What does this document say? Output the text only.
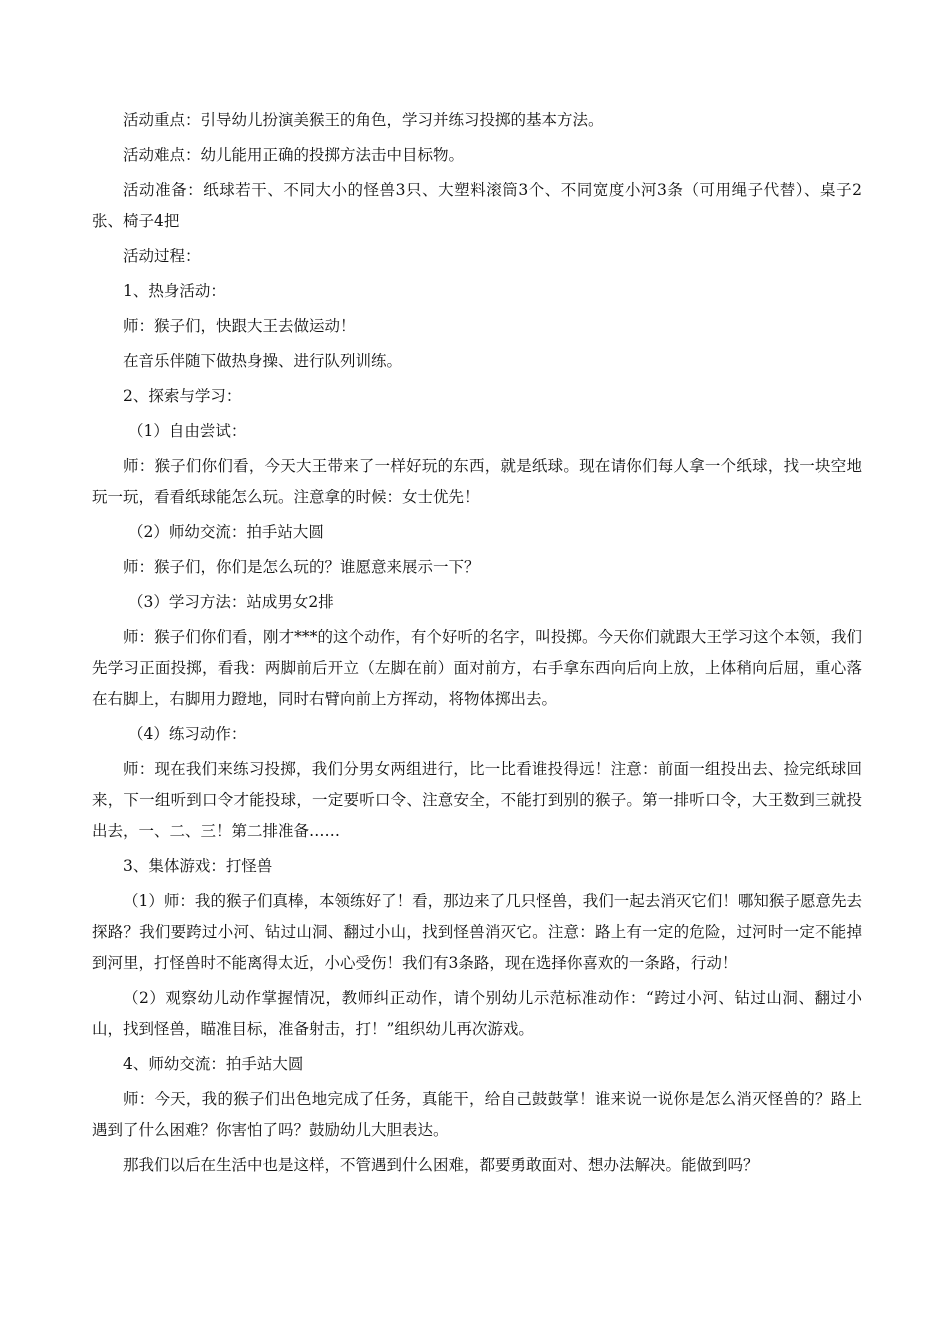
活动重点：引导幼儿扮演美猴王的角色，学习并练习投掷的基本方法。

活动难点：幼儿能用正确的投掷方法击中目标物。

活动准备：纸球若干、不同大小的怪兽3只、大塑料滚筒3个、不同宽度小河3条（可用绳子代替）、桌子2张、椅子4把

活动过程：

1、热身活动：

师：猴子们，快跟大王去做运动！

在音乐伴随下做热身操、进行队列训练。

2、探索与学习：

（1）自由尝试：

师：猴子们你们看，今天大王带来了一样好玩的东西，就是纸球。现在请你们每人拿一个纸球，找一块空地玩一玩，看看纸球能怎么玩。注意拿的时候：女士优先！

（2）师幼交流：拍手站大圆

师：猴子们，你们是怎么玩的？谁愿意来展示一下？

（3）学习方法：站成男女2排

师：猴子们你们看，刚才***的这个动作，有个好听的名字，叫投掷。今天你们就跟大王学习这个本领，我们先学习正面投掷，看我：两脚前后开立（左脚在前）面对前方，右手拿东西向后向上放，上体稍向后屈，重心落在右脚上，右脚用力蹬地，同时右臂向前上方挥动，将物体掷出去。

（4）练习动作：

师：现在我们来练习投掷，我们分男女两组进行，比一比看谁投得远！注意：前面一组投出去、捡完纸球回来，下一组听到口令才能投球，一定要听口令、注意安全，不能打到别的猴子。第一排听口令，大王数到三就投出去，一、二、三！第二排准备……

3、集体游戏：打怪兽

（1）师：我的猴子们真棒，本领练好了！看，那边来了几只怪兽，我们一起去消灭它们！哪知猴子愿意先去探路？我们要跨过小河、钻过山洞、翻过小山，找到怪兽消灭它。注意：路上有一定的危险，过河时一定不能掉到河里，打怪兽时不能离得太近，小心受伤！我们有3条路，现在选择你喜欢的一条路，行动！

（2）观察幼儿动作掌握情况，教师纠正动作，请个别幼儿示范标准动作：“跨过小河、钻过山洞、翻过小山，找到怪兽，瞄准目标，准备射击，打！”组织幼儿再次游戏。

4、师幼交流：拍手站大圆

师：今天，我的猴子们出色地完成了任务，真能干，给自己鼓鼓掌！谁来说一说你是怎么消灭怪兽的？路上遇到了什么困难？你害怕了吗？鼓励幼儿大胆表达。

那我们以后在生活中也是这样，不管遇到什么困难，都要勇敢面对、想办法解决。能做到吗？
